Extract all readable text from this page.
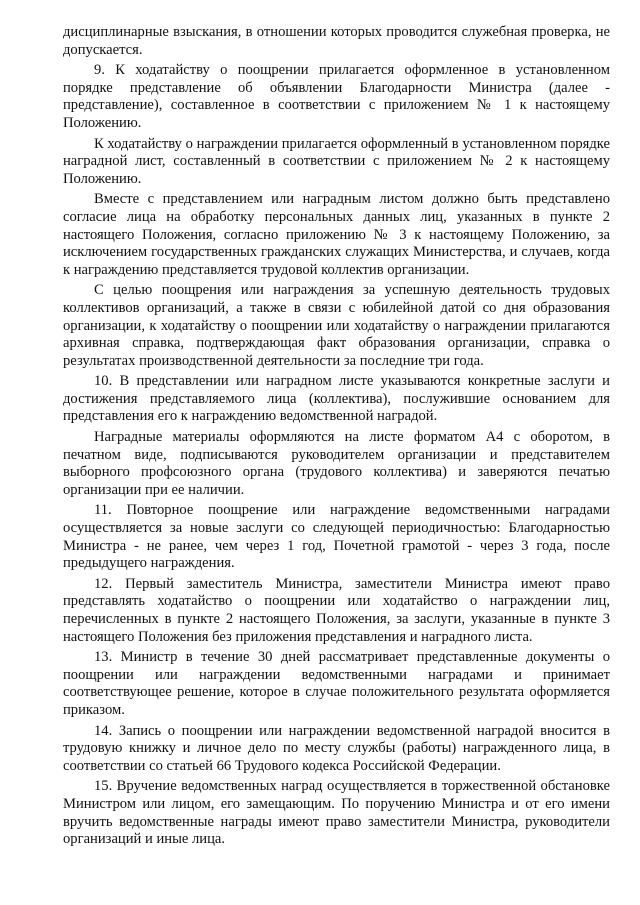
дисциплинарные взыскания, в отношении которых проводится служебная проверка, не допускается.

9. К ходатайству о поощрении прилагается оформленное в установленном порядке представление об объявлении Благодарности Министра (далее - представление), составленное в соответствии с приложением № 1 к настоящему Положению.

К ходатайству о награждении прилагается оформленный в установленном порядке наградной лист, составленный в соответствии с приложением № 2 к настоящему Положению.

Вместе с представлением или наградным листом должно быть представлено согласие лица на обработку персональных данных лиц, указанных в пункте 2 настоящего Положения, согласно приложению № 3 к настоящему Положению, за исключением государственных гражданских служащих Министерства, и случаев, когда к награждению представляется трудовой коллектив организации.

С целью поощрения или награждения за успешную деятельность трудовых коллективов организаций, а также в связи с юбилейной датой со дня образования организации, к ходатайству о поощрении или ходатайству о награждении прилагаются архивная справка, подтверждающая факт образования организации, справка о результатах производственной деятельности за последние три года.

10. В представлении или наградном листе указываются конкретные заслуги и достижения представляемого лица (коллектива), послужившие основанием для представления его к награждению ведомственной наградой.

Наградные материалы оформляются на листе форматом А4 с оборотом, в печатном виде, подписываются руководителем организации и представителем выборного профсоюзного органа (трудового коллектива) и заверяются печатью организации при ее наличии.

11. Повторное поощрение или награждение ведомственными наградами осуществляется за новые заслуги со следующей периодичностью: Благодарностью Министра - не ранее, чем через 1 год, Почетной грамотой - через 3 года, после предыдущего награждения.

12. Первый заместитель Министра, заместители Министра имеют право представлять ходатайство о поощрении или ходатайство о награждении лиц, перечисленных в пункте 2 настоящего Положения, за заслуги, указанные в пункте 3 настоящего Положения без приложения представления и наградного листа.

13. Министр в течение 30 дней рассматривает представленные документы о поощрении или награждении ведомственными наградами и принимает соответствующее решение, которое в случае положительного результата оформляется приказом.

14. Запись о поощрении или награждении ведомственной наградой вносится в трудовую книжку и личное дело по месту службы (работы) награжденного лица, в соответствии со статьей 66 Трудового кодекса Российской Федерации.

15. Вручение ведомственных наград осуществляется в торжественной обстановке Министром или лицом, его замещающим. По поручению Министра и от его имени вручить ведомственные награды имеют право заместители Министра, руководители организаций и иные лица.
